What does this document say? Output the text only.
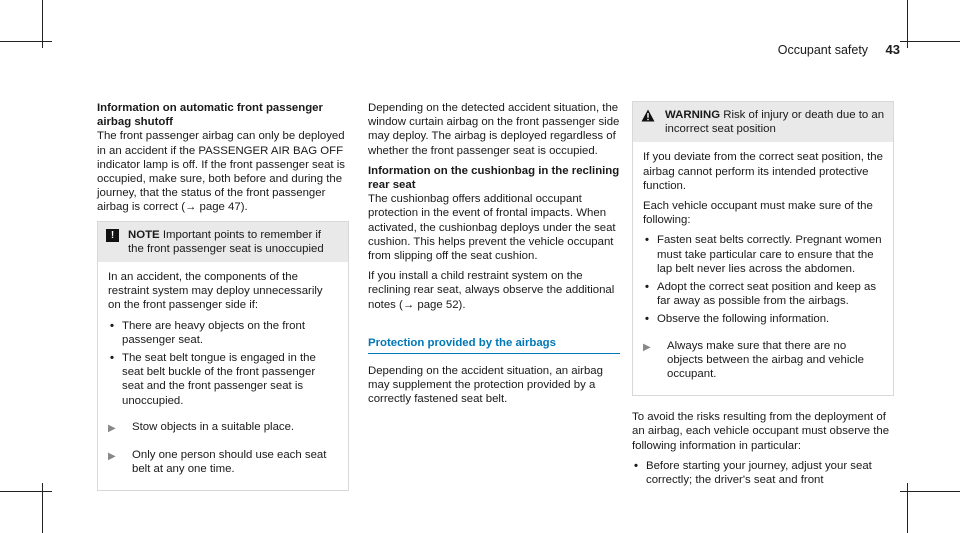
Occupant safety 43
Information on automatic front passenger airbag shutoff

The front passenger airbag can only be deployed in an accident if the PASSENGER AIR BAG OFF indicator lamp is off. If the front passenger seat is occupied, make sure, both before and during the journey, that the status of the front passenger airbag is correct (→ page 47).

!	NOTE Important points to remember if the front passenger seat is unoccupied

In an accident, the components of the restraint system may deploy unnecessarily on the front passenger side if:

• There are heavy objects on the front passenger seat.
• The seat belt tongue is engaged in the seat belt buckle of the front passenger seat and the front passenger seat is unoccupied.
▶	Stow objects in a suitable place.
▶	Only one person should use each seat belt at any one time.

Depending on the detected accident situation, the window curtain airbag on the front passenger side may deploy. The airbag is deployed regardless of whether the front passenger seat is occupied.

Information on the cushionbag in the reclining rear seat

The cushionbag offers additional occupant protection in the event of frontal impacts. When activated, the cushionbag deploys under the seat cushion. This helps prevent the vehicle occupant from slipping off the seat cushion.

If you install a child restraint system on the reclining rear seat, always observe the additional notes (→ page 52).

Protection provided by the airbags

Depending on the accident situation, an airbag may supplement the protection provided by a correctly fastened seat belt.

WARNING Risk of injury or death due to an incorrect seat position

If you deviate from the correct seat position, the airbag cannot perform its intended protective function.

Each vehicle occupant must make sure of the following:

• Fasten seat belts correctly. Pregnant women must take particular care to ensure that the lap belt never lies across the abdomen.
• Adopt the correct seat position and keep as far away as possible from the airbags.
• Observe the following information.
▶	Always make sure that there are no objects between the airbag and vehicle occupant.

To avoid the risks resulting from the deployment of an airbag, each vehicle occupant must observe the following information in particular:

• Before starting your journey, adjust your seat correctly; the driver's seat and front
